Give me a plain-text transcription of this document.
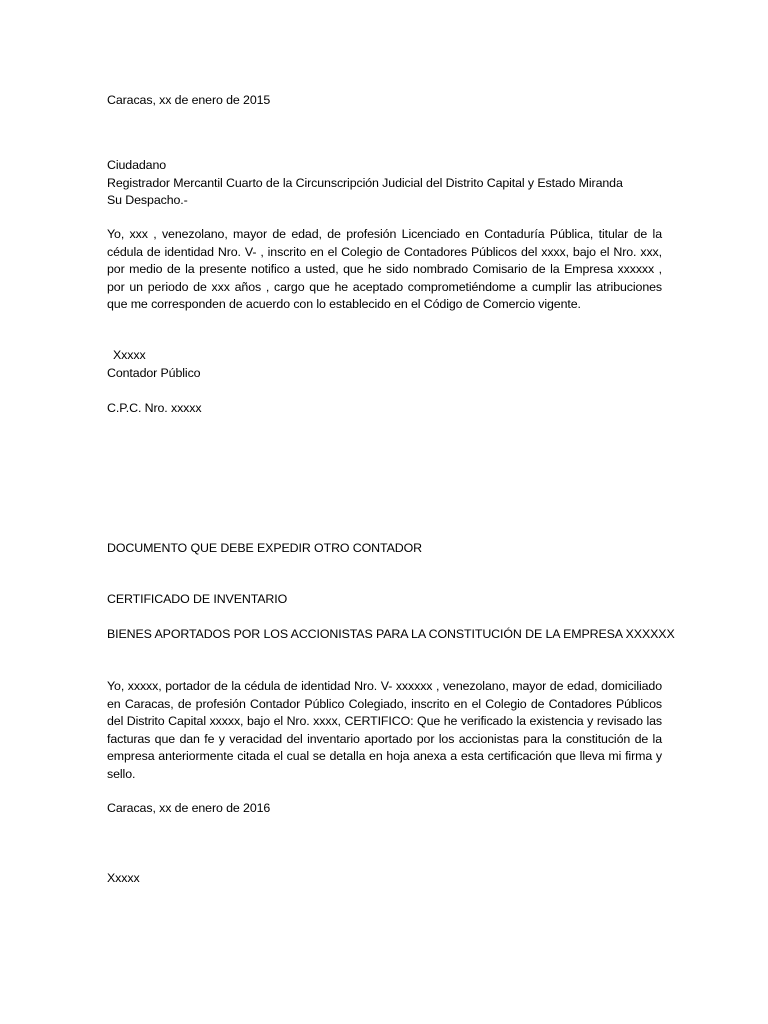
Caracas, xx de enero de 2015
Ciudadano
Registrador Mercantil Cuarto de la Circunscripción Judicial del Distrito Capital y Estado Miranda
Su Despacho.-
Yo, xxx , venezolano, mayor de edad, de profesión Licenciado en Contaduría Pública, titular de la cédula de identidad Nro. V- , inscrito en el Colegio de Contadores Públicos del xxxx, bajo el Nro. xxx, por medio de la presente notifico a usted, que he sido nombrado Comisario de la Empresa xxxxxx , por un periodo de xxx años , cargo que he aceptado comprometiéndome a cumplir las atribuciones que me corresponden de acuerdo con lo establecido en el Código de Comercio vigente.
Xxxxx
Contador Público
C.P.C. Nro. xxxxx
DOCUMENTO QUE DEBE EXPEDIR OTRO CONTADOR
CERTIFICADO DE INVENTARIO
BIENES APORTADOS POR LOS ACCIONISTAS PARA LA CONSTITUCIÓN DE LA EMPRESA XXXXXX
Yo, xxxxx, portador de la cédula de identidad Nro. V- xxxxxx , venezolano, mayor de edad, domiciliado en Caracas, de profesión Contador Público Colegiado, inscrito en el Colegio de Contadores Públicos del Distrito Capital xxxxx, bajo el Nro. xxxx, CERTIFICO: Que he verificado la existencia y revisado las facturas que dan fe y veracidad del inventario aportado por los accionistas para la constitución de la empresa anteriormente citada el cual se detalla en hoja anexa a esta certificación que lleva mi firma y sello.
Caracas, xx de enero de 2016
Xxxxx
